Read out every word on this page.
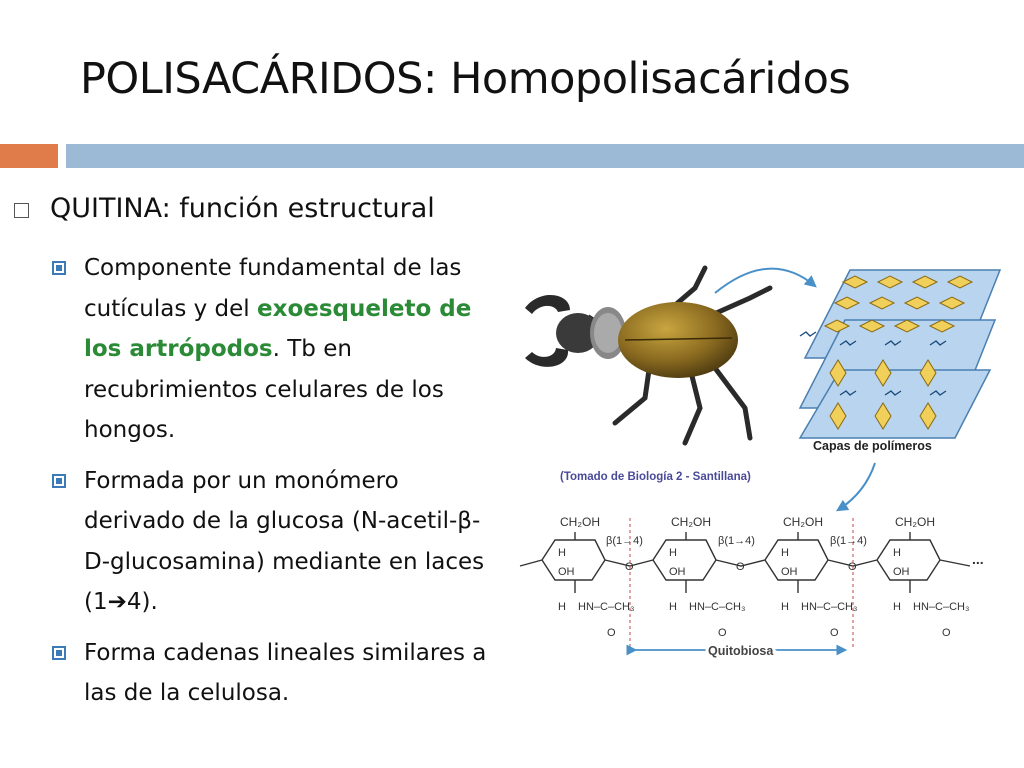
POLISACÁRIDOS: Homopolisacáridos
QUITINA: función estructural
Componente fundamental de las cutículas y del exoesqueleto de los artrópodos. Tb en recubrimientos celulares de los hongos.
Formada por un monómero derivado de la glucosa (N-acetil-β-D-glucosamina) mediante en laces (1➔4).
Forma cadenas lineales similares a las de la celulosa.
Capas de polímeros
(Tomado de Biología 2 - Santillana)
CH₂OH	CH₂OH	CH₂OH	CH₂OH
β(1→4)	β(1→4)	β(1→4)
OH	OH	OH	OH
O	O	O
H	H	H	H
H	H	H	H
HN–C–CH₃	HN–C–CH₃	HN–C–CH₃	HN–C–CH₃
O	O	O	O
...
Quitobiosa
